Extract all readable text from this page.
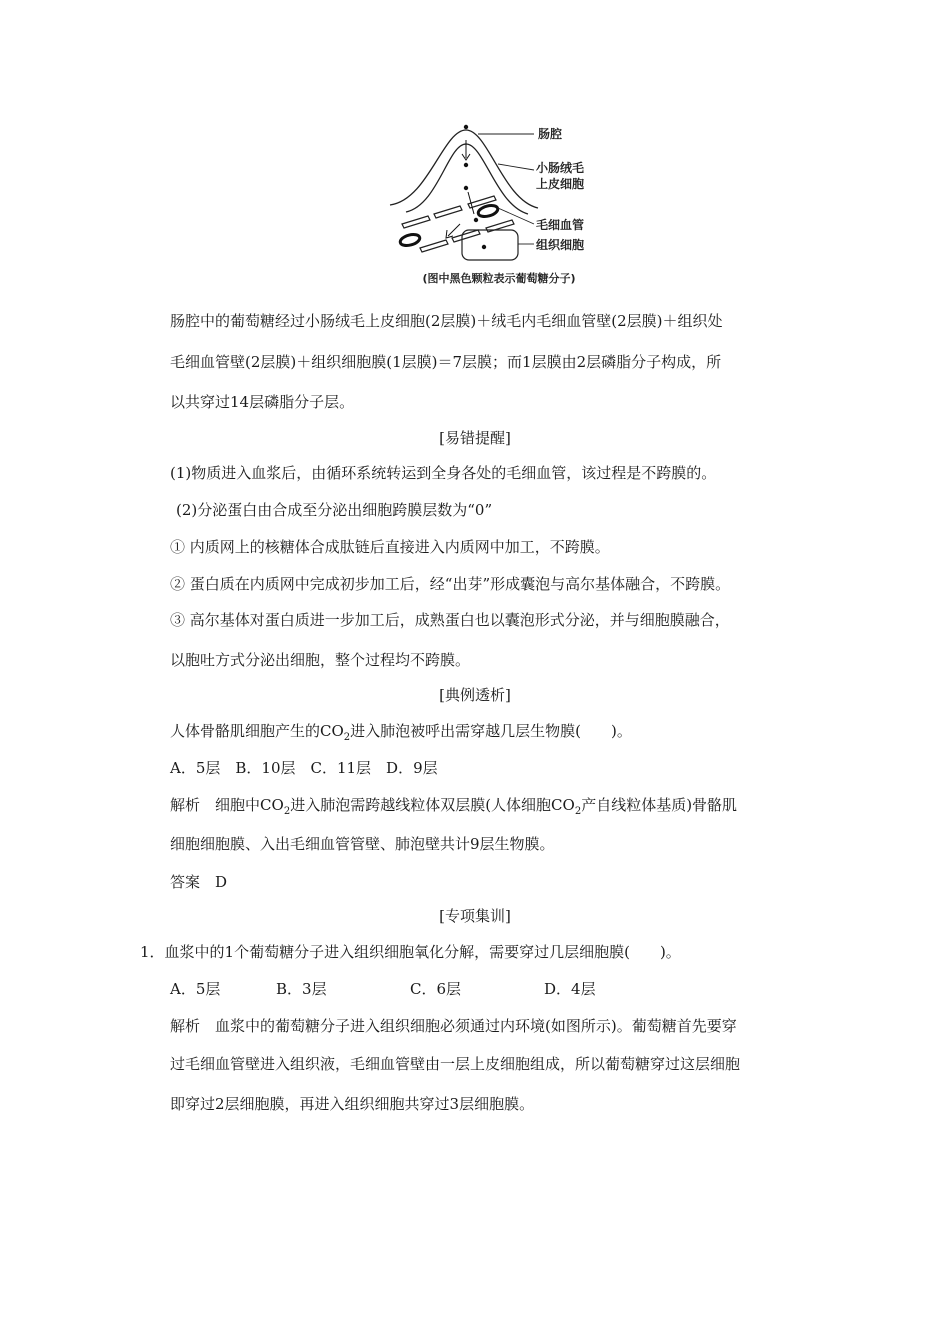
肠腔
小肠绒毛
上皮细胞
毛细血管
组织细胞
(图中黑色颗粒表示葡萄糖分子)
肠腔中的葡萄糖经过小肠绒毛上皮细胞(2层膜)＋绒毛内毛细血管壁(2层膜)＋组织处
毛细血管壁(2层膜)＋组织细胞膜(1层膜)＝7层膜；而1层膜由2层磷脂分子构成，所
以共穿过14层磷脂分子层。
[易错提醒]
(1)物质进入血浆后，由循环系统转运到全身各处的毛细血管，该过程是不跨膜的。
(2)分泌蛋白由合成至分泌出细胞跨膜层数为“0”
① 内质网上的核糖体合成肽链后直接进入内质网中加工，不跨膜。
② 蛋白质在内质网中完成初步加工后，经“出芽”形成囊泡与高尔基体融合，不跨膜。
③ 高尔基体对蛋白质进一步加工后，成熟蛋白也以囊泡形式分泌，并与细胞膜融合，
以胞吐方式分泌出细胞，整个过程均不跨膜。
[典例透析]
人体骨骼肌细胞产生的$CO_2$进入肺泡被呼出需穿越几层生物膜(　　)。
A．5层　B．10层　C．11层　D．9层
解析　 细胞中$CO_2$进入肺泡需跨越线粒体双层膜(人体细胞$CO_2$产自线粒体基质)骨骼肌
细胞细胞膜、入出毛细血管管壁、肺泡壁共计9层生物膜。
答案　 D
[专项集训]
1．血浆中的1个葡萄糖分子进入组织细胞氧化分解，需要穿过几层细胞膜(　　)。
A．5层	B．3层	C．6层	D．4层
解析　 血浆中的葡萄糖分子进入组织细胞必须通过内环境(如图所示)。葡萄糖首先要穿
过毛细血管壁进入组织液，毛细血管壁由一层上皮细胞组成，所以葡萄糖穿过这层细胞
即穿过2层细胞膜，再进入组织细胞共穿过3层细胞膜。
